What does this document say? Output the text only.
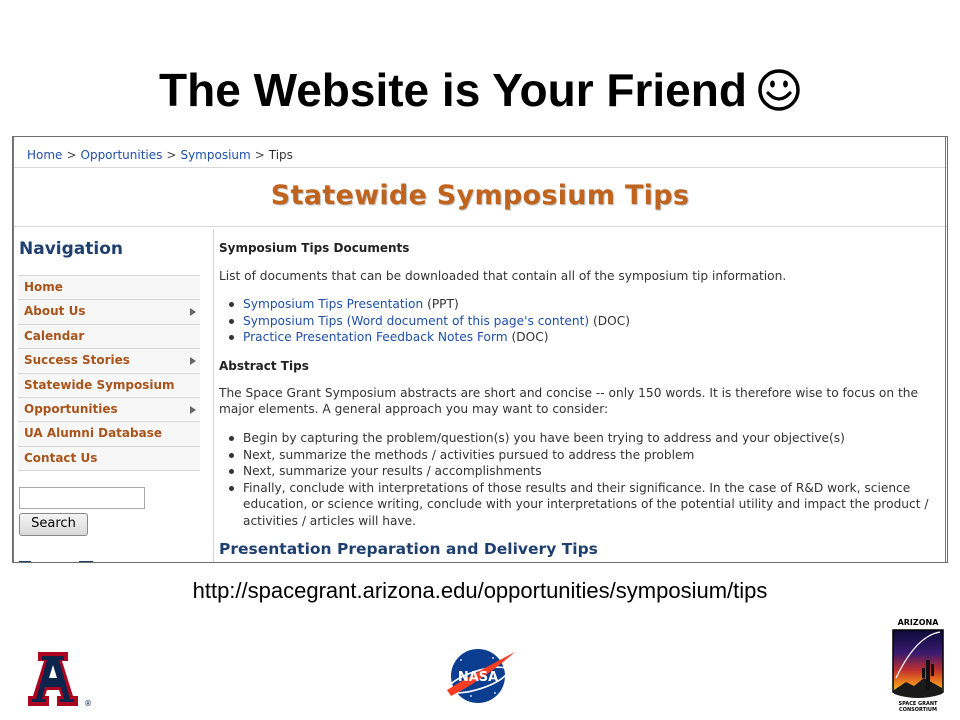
The Website is Your Friend
Home > Opportunities > Symposium > Tips
Statewide Symposium Tips
Navigation
Home
About Us
Calendar
Success Stories
Statewide Symposium
Opportunities
UA Alumni Database
Contact Us
Search
Symposium Tips Documents

List of documents that can be downloaded that contain all of the symposium tip information.

Symposium Tips Presentation (PPT)
Symposium Tips (Word document of this page's content) (DOC)
Practice Presentation Feedback Notes Form (DOC)
Abstract Tips

The Space Grant Symposium abstracts are short and concise -- only 150 words. It is therefore wise to focus on the major elements. A general approach you may want to consider:

Begin by capturing the problem/question(s) you have been trying to address and your objective(s)
Next, summarize the methods / activities pursued to address the problem
Next, summarize your results / accomplishments
Finally, conclude with interpretations of those results and their significance. In the case of R&D work, science education, or science writing, conclude with your interpretations of the potential utility and impact the product / activities / articles will have.
Presentation Preparation and Delivery Tips
http://spacegrant.arizona.edu/opportunities/symposium/tips
®
NASA
ARIZONA
SPACE GRANT
CONSORTIUM
